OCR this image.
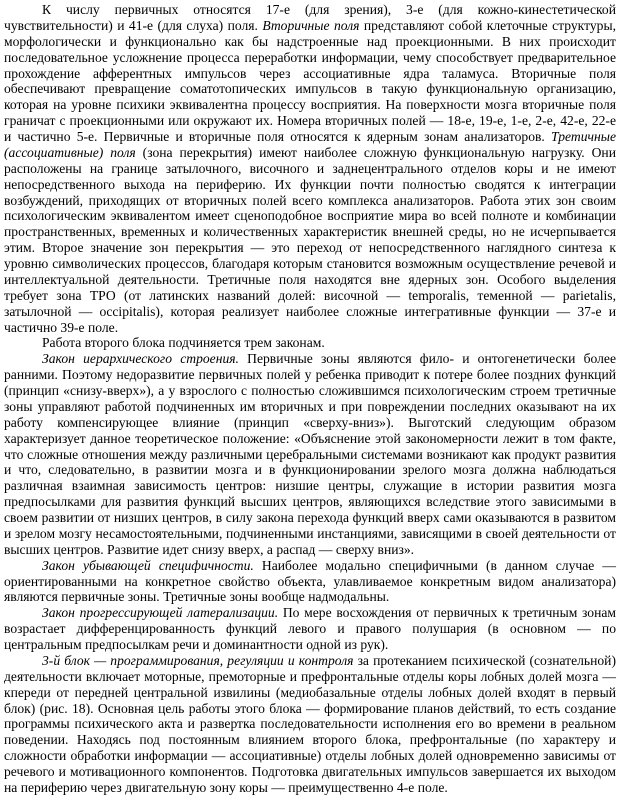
К числу первичных относятся 17-е (для зрения), 3-е (для кожно-кинестетической чувствительности) и 41-е (для слуха) поля. Вторичные поля представляют собой клеточные структуры, морфологически и функционально как бы надстроенные над проекционными. В них происходит последовательное усложнение процесса переработки информации, чему способствует предварительное прохождение афферентных импульсов через ассоциативные ядра таламуса. Вторичные поля обеспечивают превращение соматотопических импульсов в такую функциональную организацию, которая на уровне психики эквивалентна процессу восприятия. На поверхности мозга вторичные поля граничат с проекционными или окружают их. Номера вторичных полей — 18-е, 19-е, 1-е, 2-е, 42-е, 22-е и частично 5-е. Первичные и вторичные поля относятся к ядерным зонам анализаторов. Третичные (ассоциативные) поля (зона перекрытия) имеют наиболее сложную функциональную нагрузку. Они расположены на границе затылочного, височного и заднецентрального отделов коры и не имеют непосредственного выхода на периферию. Их функции почти полностью сводятся к интеграции возбуждений, приходящих от вторичных полей всего комплекса анализаторов. Работа этих зон своим психологическим эквивалентом имеет сценоподобное восприятие мира во всей полноте и комбинации пространственных, временных и количественных характеристик внешней среды, но не исчерпывается этим. Второе значение зон перекрытия — это переход от непосредственного наглядного синтеза к уровню символических процессов, благодаря которым становится возможным осуществление речевой и интеллектуальной деятельности. Третичные поля находятся вне ядерных зон. Особого выделения требует зона ТРО (от латинских названий долей: височной — temporalis, теменной — parietalis, затылочной — occipitalis), которая реализует наиболее сложные интегративные функции — 37-е и частично 39-е поле.

Работа второго блока подчиняется трем законам.

Закон иерархического строения. Первичные зоны являются фило- и онтогенетически более ранними. Поэтому недоразвитие первичных полей у ребенка приводит к потере более поздних функций (принцип «снизу-вверх»), а у взрослого с полностью сложившимся психологическим строем третичные зоны управляют работой подчиненных им вторичных и при повреждении последних оказывают на их работу компенсирующее влияние (принцип «сверху-вниз»). Выготский следующим образом характеризует данное теоретическое положение: «Объяснение этой закономерности лежит в том факте, что сложные отношения между различными церебральными системами возникают как продукт развития и что, следовательно, в развитии мозга и в функционировании зрелого мозга должна наблюдаться различная взаимная зависимость центров: низшие центры, служащие в истории развития мозга предпосылками для развития функций высших центров, являющихся вследствие этого зависимыми в своем развитии от низших центров, в силу закона перехода функций вверх сами оказываются в развитом и зрелом мозгу несамостоятельными, подчиненными инстанциями, зависящими в своей деятельности от высших центров. Развитие идет снизу вверх, а распад — сверху вниз».

Закон убывающей специфичности. Наиболее модально специфичными (в данном случае — ориентированными на конкретное свойство объекта, улавливаемое конкретным видом анализатора) являются первичные зоны. Третичные зоны вообще надмодальны.

Закон прогрессирующей латерализации. По мере восхождения от первичных к третичным зонам возрастает дифференцированность функций левого и правого полушария (в основном — по центральным предпосылкам речи и доминантности одной из рук).

3-й блок — программирования, регуляции и контроля за протеканием психической (сознательной) деятельности включает моторные, премоторные и префронтальные отделы коры лобных долей мозга — кпереди от передней центральной извилины (медиобазальные отделы лобных долей входят в первый блок) (рис. 18). Основная цель работы этого блока — формирование планов действий, то есть создание программы психического акта и развертка последовательности исполнения его во времени в реальном поведении. Находясь под постоянным влиянием второго блока, префронтальные (по характеру и сложности обработки информации — ассоциативные) отделы лобных долей одновременно зависимы от речевого и мотивационного компонентов. Подготовка двигательных импульсов завершается их выходом на периферию через двигательную зону коры — преимущественно 4-е поле.
